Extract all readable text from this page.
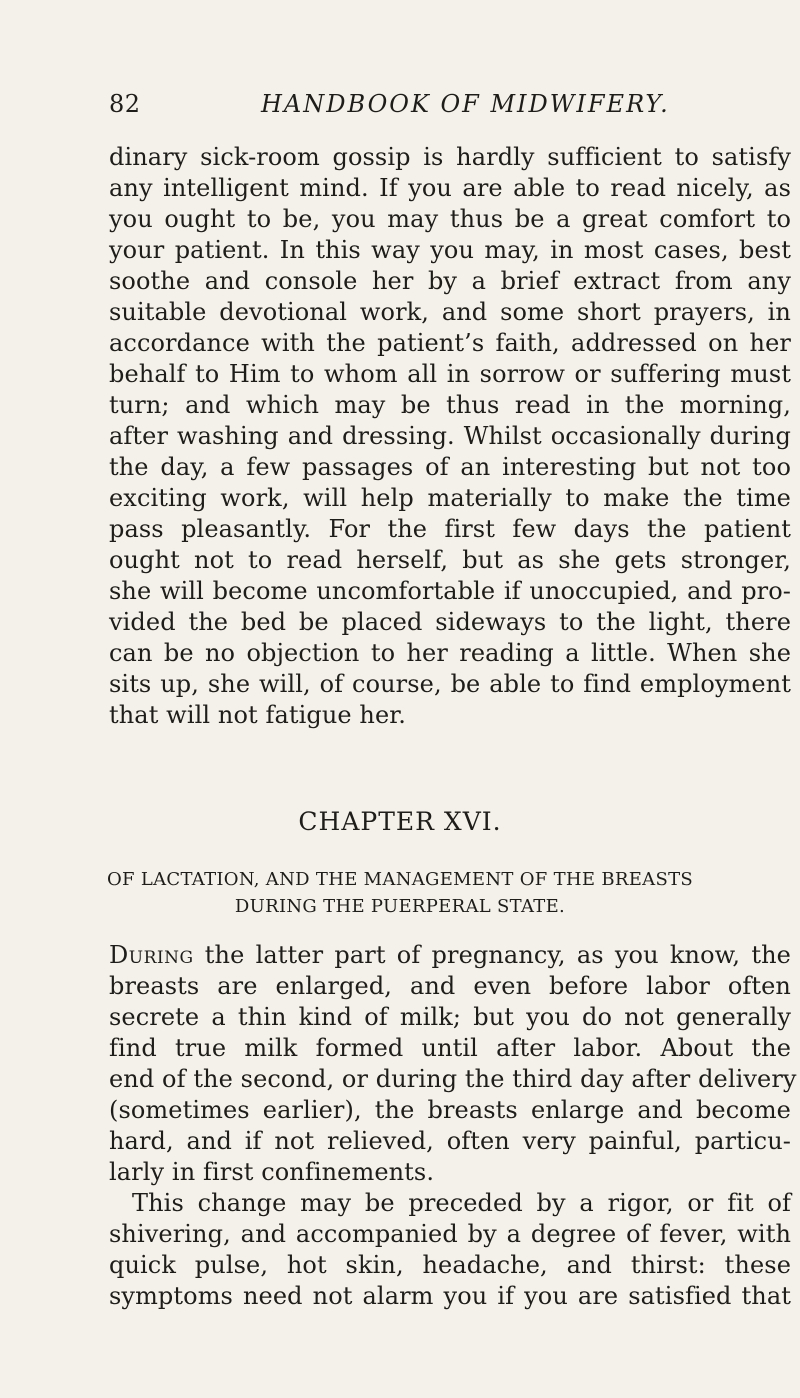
82	HANDBOOK OF MIDWIFERY.
dinary sick-room gossip is hardly sufficient to satisfy
any intelligent mind. If you are able to read nicely, as
you ought to be, you may thus be a great comfort to
your patient. In this way you may, in most cases, best
soothe and console her by a brief extract from any
suitable devotional work, and some short prayers, in
accordance with the patient’s faith, addressed on her
behalf to Him to whom all in sorrow or suffering must
turn; and which may be thus read in the morning,
after washing and dressing. Whilst occasionally during
the day, a few passages of an interesting but not too
exciting work, will help materially to make the time
pass pleasantly. For the first few days the patient
ought not to read herself, but as she gets stronger,
she will become uncomfortable if unoccupied, and pro-
vided the bed be placed sideways to the light, there
can be no objection to her reading a little. When she
sits up, she will, of course, be able to find employment
that will not fatigue her.
CHAPTER XVI.
OF LACTATION, AND THE MANAGEMENT OF THE BREASTS
DURING THE PUERPERAL STATE.
During the latter part of pregnancy, as you know, the
breasts are enlarged, and even before labor often
secrete a thin kind of milk; but you do not generally
find true milk formed until after labor. About the
end of the second, or during the third day after delivery
(sometimes earlier), the breasts enlarge and become
hard, and if not relieved, often very painful, particu-
larly in first confinements.
This change may be preceded by a rigor, or fit of
shivering, and accompanied by a degree of fever, with
quick pulse, hot skin, headache, and thirst: these
symptoms need not alarm you if you are satisfied that
